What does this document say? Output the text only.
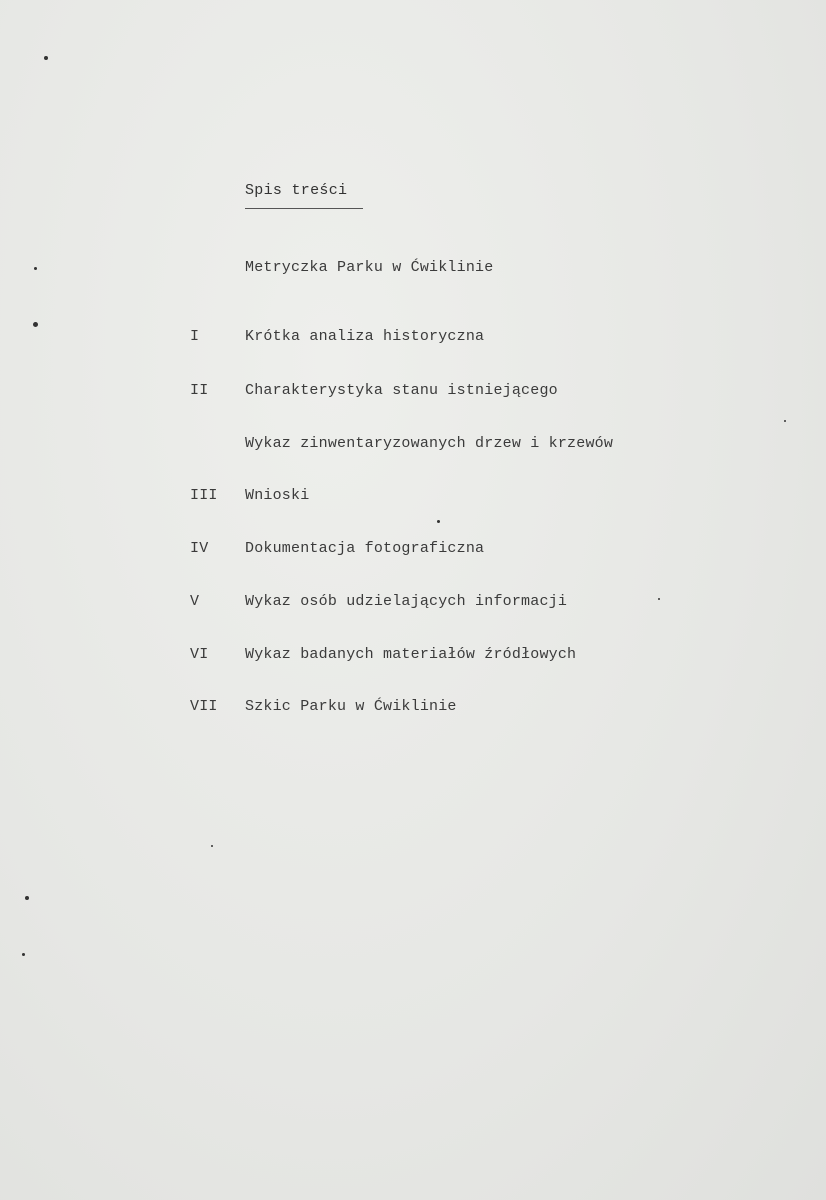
Spis treści
Metryczka Parku w Ćwiklinie
I	Krótka analiza historyczna
II	Charakterystyka stanu istniejącego
Wykaz zinwentaryzowanych drzew i krzewów
III	Wnioski
IV	Dokumentacja fotograficzna
V	Wykaz osób udzielających informacji
VI	Wykaz badanych materiałów źródłowych
VII	Szkic Parku w Ćwiklinie
